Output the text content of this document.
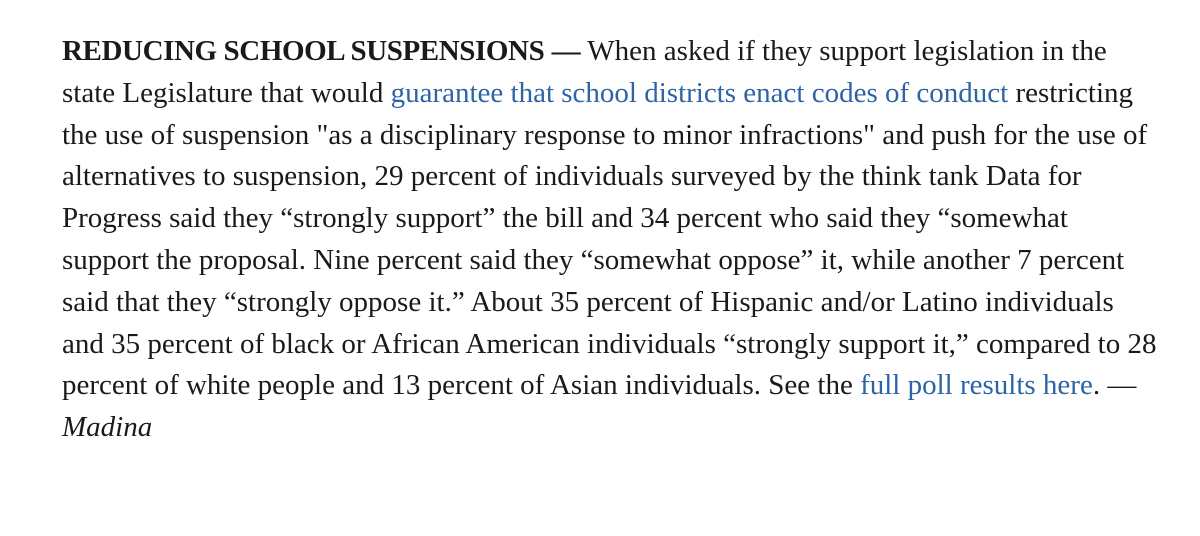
REDUCING SCHOOL SUSPENSIONS — When asked if they support legislation in the state Legislature that would guarantee that school districts enact codes of conduct restricting the use of suspension "as a disciplinary response to minor infractions" and push for the use of alternatives to suspension, 29 percent of individuals surveyed by the think tank Data for Progress said they “strongly support” the bill and 34 percent who said they “somewhat support the proposal. Nine percent said they “somewhat oppose” it, while another 7 percent said that they “strongly oppose it.” About 35 percent of Hispanic and/or Latino individuals and 35 percent of black or African American individuals “strongly support it,” compared to 28 percent of white people and 13 percent of Asian individuals. See the full poll results here. — Madina
